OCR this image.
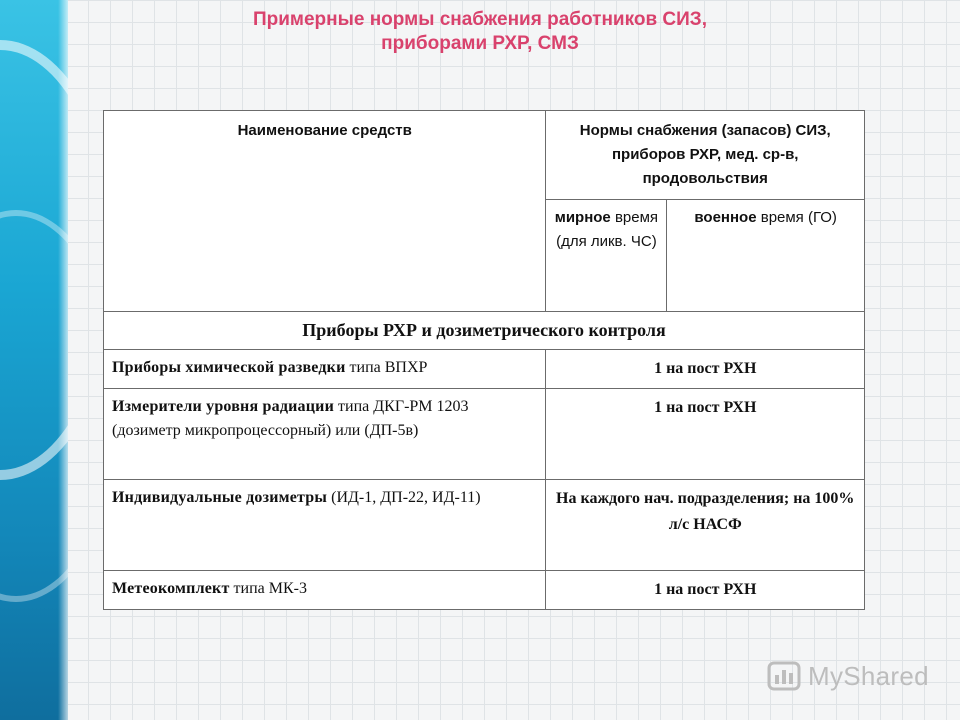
Примерные нормы снабжения работников СИЗ,
приборами РХР, СМЗ
Наименование средств	Нормы снабжения (запасов) СИЗ, приборов РХР, мед. ср-в, продовольствия	
	мирное время (для ликв. ЧС)	военное время (ГО)
Приборы РХР и дозиметрического контроля		
Приборы химической разведки типа ВПХР	1 на пост РХН	
Измерители уровня радиации типа ДКГ-РМ 1203 (дозиметр микропроцессорный) или (ДП-5в)	1 на пост РХН	
Индивидуальные дозиметры (ИД-1, ДП-22, ИД-11)	На каждого нач. подразделения; на 100% л/с НАСФ	
Метеокомплект типа МК-3	1 на пост РХН	
MyShared
